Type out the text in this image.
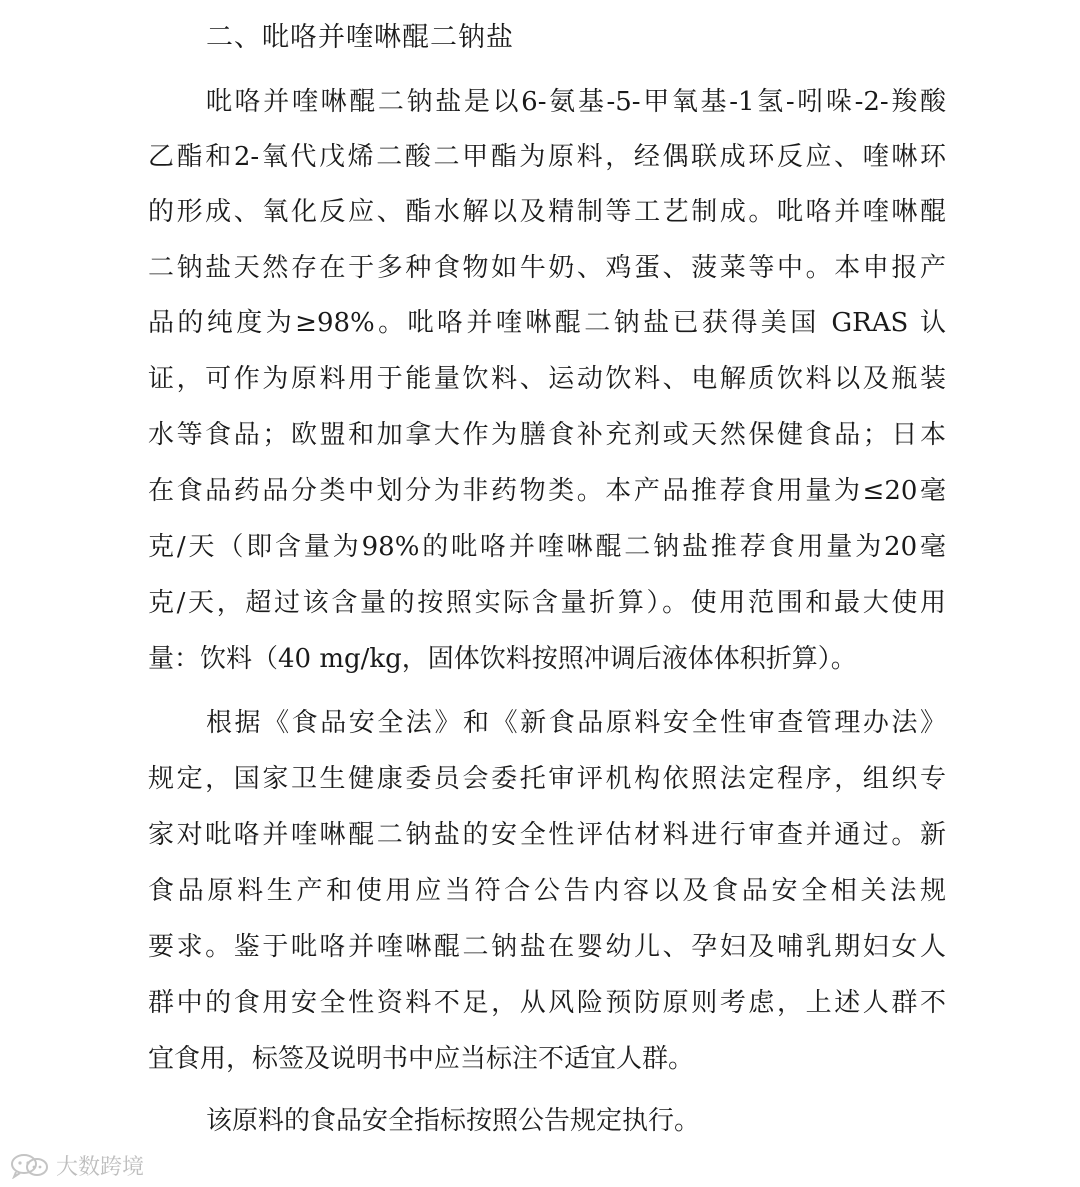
二、吡咯并喹啉醌二钠盐
吡咯并喹啉醌二钠盐是以6-氨基-5-甲氧基-1氢-吲哚-2-羧酸
乙酯和2-氧代戊烯二酸二甲酯为原料，经偶联成环反应、喹啉环
的形成、氧化反应、酯水解以及精制等工艺制成。吡咯并喹啉醌
二钠盐天然存在于多种食物如牛奶、鸡蛋、菠菜等中。本申报产
品的纯度为≥98%。吡咯并喹啉醌二钠盐已获得美国 GRAS 认
证，可作为原料用于能量饮料、运动饮料、电解质饮料以及瓶装
水等食品；欧盟和加拿大作为膳食补充剂或天然保健食品；日本
在食品药品分类中划分为非药物类。本产品推荐食用量为≤20毫
克/天（即含量为98%的吡咯并喹啉醌二钠盐推荐食用量为20毫
克/天，超过该含量的按照实际含量折算）。使用范围和最大使用
量：饮料（40 mg/kg，固体饮料按照冲调后液体体积折算）。
根据《食品安全法》和《新食品原料安全性审查管理办法》
规定，国家卫生健康委员会委托审评机构依照法定程序，组织专
家对吡咯并喹啉醌二钠盐的安全性评估材料进行审查并通过。新
食品原料生产和使用应当符合公告内容以及食品安全相关法规
要求。鉴于吡咯并喹啉醌二钠盐在婴幼儿、孕妇及哺乳期妇女人
群中的食用安全性资料不足，从风险预防原则考虑，上述人群不
宜食用，标签及说明书中应当标注不适宜人群。
该原料的食品安全指标按照公告规定执行。
大数跨境
